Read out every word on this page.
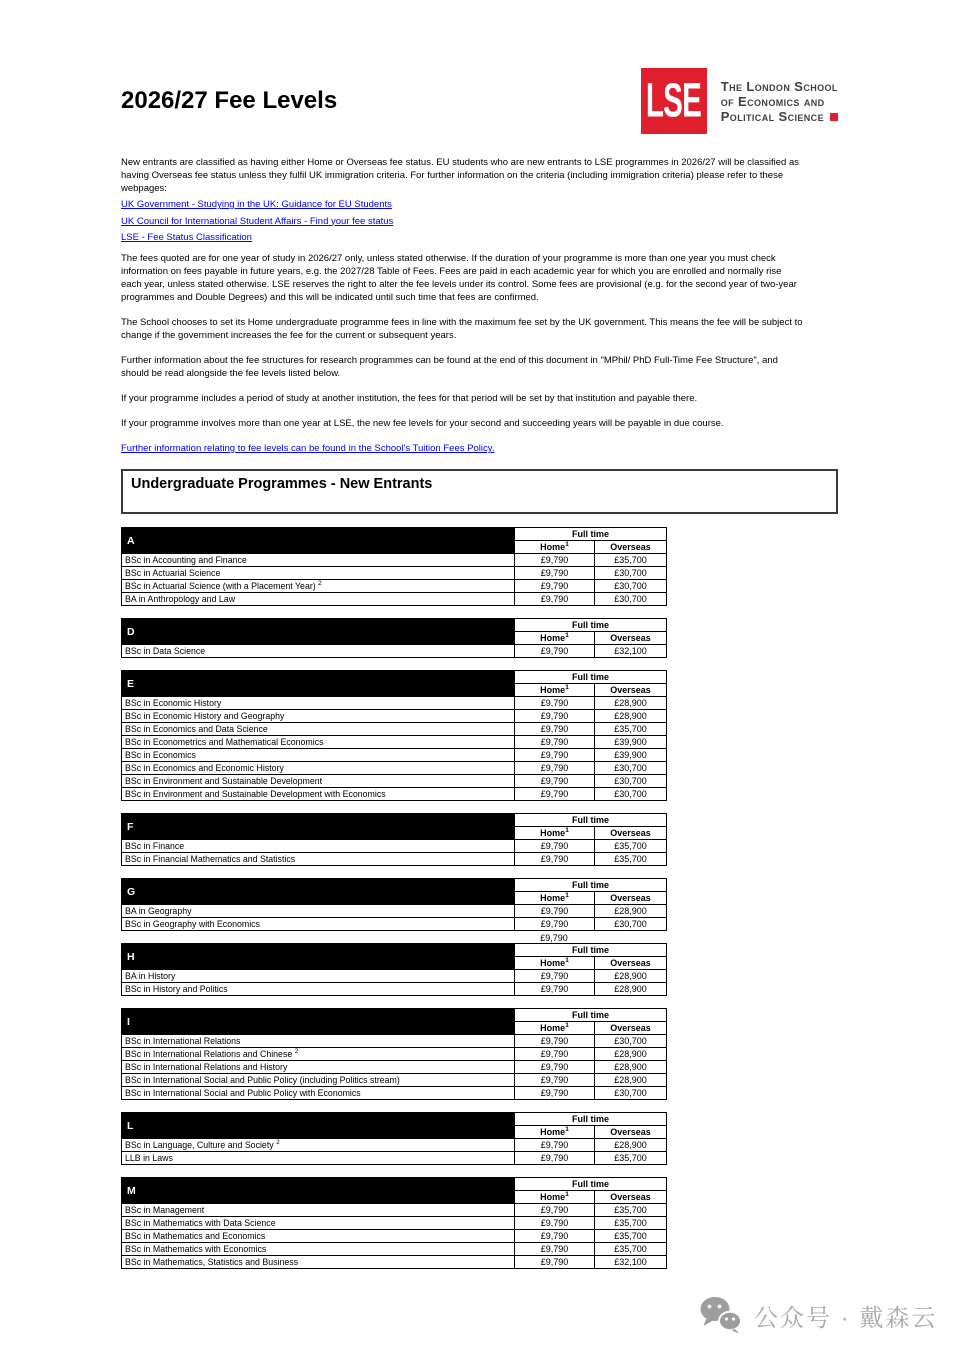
2026/27 Fee Levels	LSE The London School
of Economics and
Political Science
New entrants are classified as having either Home or Overseas fee status. EU students who are new entrants to LSE programmes in 2026/27 will be classified as
having Overseas fee status unless they fulfil UK immigration criteria. For further information on the criteria (including immigration criteria) please refer to these
webpages:
UK Government - Studying in the UK: Guidance for EU Students
UK Council for International Student Affairs - Find your fee status
LSE - Fee Status Classification
The fees quoted are for one year of study in 2026/27 only, unless stated otherwise. If the duration of your programme is more than one year you must check
information on fees payable in future years, e.g. the 2027/28 Table of Fees. Fees are paid in each academic year for which you are enrolled and normally rise
each year, unless stated otherwise. LSE reserves the right to alter the fee levels under its control. Some fees are provisional (e.g. for the second year of two-year
programmes and Double Degrees) and this will be indicated until such time that fees are confirmed.
The School chooses to set its Home undergraduate programme fees in line with the maximum fee set by the UK government. This means the fee will be subject to
change if the government increases the fee for the current or subsequent years.
Further information about the fee structures for research programmes can be found at the end of this document in "MPhil/ PhD Full-Time Fee Structure", and
should be read alongside the fee levels listed below.
If your programme includes a period of study at another institution, the fees for that period will be set by that institution and payable there.
If your programme involves more than one year at LSE, the new fee levels for your second and succeeding years will be payable in due course.
Further information relating to fee levels can be found in the School's Tuition Fees Policy.
Undergraduate Programmes - New Entrants
A	Full time	
	Home$^1$	Overseas
BSc in Accounting and Finance	£9,790	£35,700
BSc in Actuarial Science	£9,790	£30,700
BSc in Actuarial Science (with a Placement Year) $^2$	£9,790	£30,700
BA in Anthropology and Law	£9,790	£30,700
D	Full time	
	Home$^1$	Overseas
BSc in Data Science	£9,790	£32,100
E	Full time	
	Home$^1$	Overseas
BSc in Economic History	£9,790	£28,900
BSc in Economic History and Geography	£9,790	£28,900
BSc in Economics and Data Science	£9,790	£35,700
BSc in Econometrics and Mathematical Economics	£9,790	£39,900
BSc in Economics	£9,790	£39,900
BSc in Economics and Economic History	£9,790	£30,700
BSc in Environment and Sustainable Development	£9,790	£30,700
BSc in Environment and Sustainable Development with Economics	£9,790	£30,700
F	Full time	
	Home$^1$	Overseas
BSc in Finance	£9,790	£35,700
BSc in Financial Mathematics and Statistics	£9,790	£35,700
G	Full time	
	Home$^1$	Overseas
BA in Geography	£9,790	£28,900
BSc in Geography with Economics	£9,790	£30,700
£9,790
H	Full time	
	Home$^1$	Overseas
BA in History	£9,790	£28,900
BSc in History and Politics	£9,790	£28,900
I	Full time	
	Home$^1$	Overseas
BSc in International Relations	£9,790	£30,700
BSc in International Relations and Chinese $^2$	£9,790	£28,900
BSc in International Relations and History	£9,790	£28,900
BSc in International Social and Public Policy (including Politics stream)	£9,790	£28,900
BSc in International Social and Public Policy with Economics	£9,790	£30,700
L	Full time	
	Home$^1$	Overseas
BSc in Language, Culture and Society $^2$	£9,790	£28,900
LLB in Laws	£9,790	£35,700
M	Full time	
	Home$^1$	Overseas
BSc in Management	£9,790	£35,700
BSc in Mathematics with Data Science	£9,790	£35,700
BSc in Mathematics and Economics	£9,790	£35,700
BSc in Mathematics with Economics	£9,790	£35,700
BSc in Mathematics, Statistics and Business	£9,790	£32,100
公众号 · 戴森云
